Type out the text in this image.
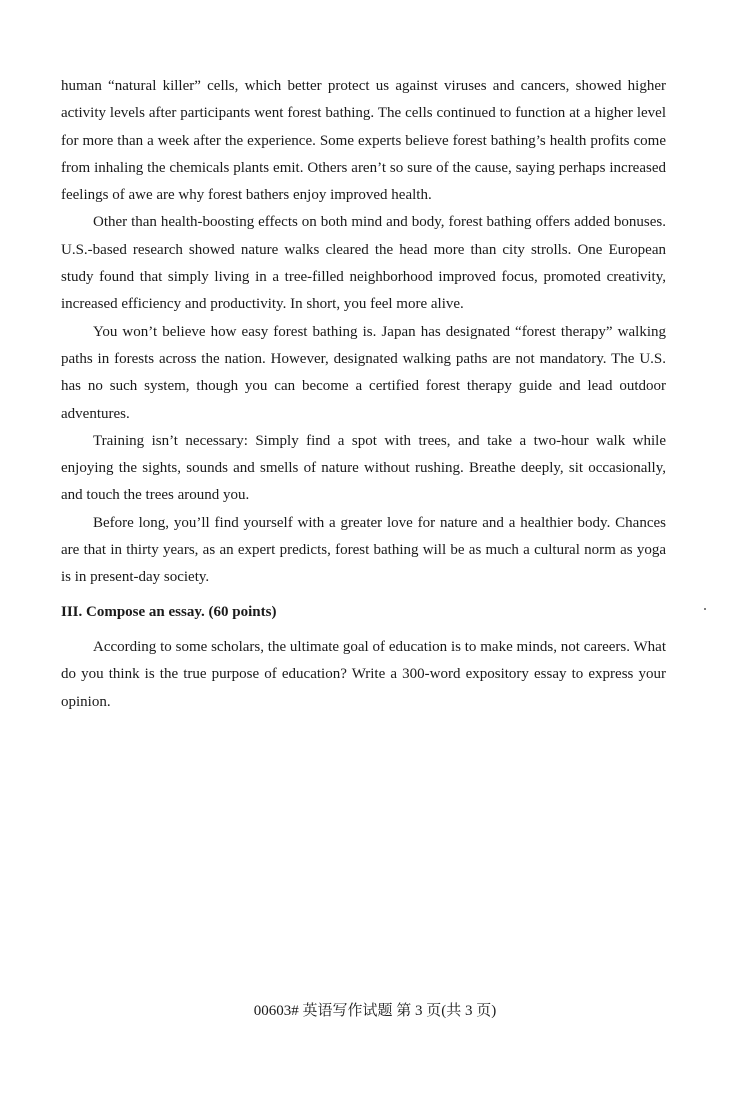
human “natural killer” cells, which better protect us against viruses and cancers, showed higher activity levels after participants went forest bathing. The cells continued to function at a higher level for more than a week after the experience. Some experts believe forest bathing’s health profits come from inhaling the chemicals plants emit. Others aren’t so sure of the cause, saying perhaps increased feelings of awe are why forest bathers enjoy improved health.

Other than health-boosting effects on both mind and body, forest bathing offers added bonuses. U.S.-based research showed nature walks cleared the head more than city strolls. One European study found that simply living in a tree-filled neighborhood improved focus, promoted creativity, increased efficiency and productivity. In short, you feel more alive.

You won’t believe how easy forest bathing is. Japan has designated “forest therapy” walking paths in forests across the nation. However, designated walking paths are not mandatory. The U.S. has no such system, though you can become a certified forest therapy guide and lead outdoor adventures.

Training isn’t necessary: Simply find a spot with trees, and take a two-hour walk while enjoying the sights, sounds and smells of nature without rushing. Breathe deeply, sit occasionally, and touch the trees around you.

Before long, you’ll find yourself with a greater love for nature and a healthier body. Chances are that in thirty years, as an expert predicts, forest bathing will be as much a cultural norm as yoga is in present-day society.

III. Compose an essay. (60 points)

According to some scholars, the ultimate goal of education is to make minds, not careers. What do you think is the true purpose of education? Write a 300-word expository essay to express your opinion.

00603# 英语写作试题 第 3 页(共 3 页)
